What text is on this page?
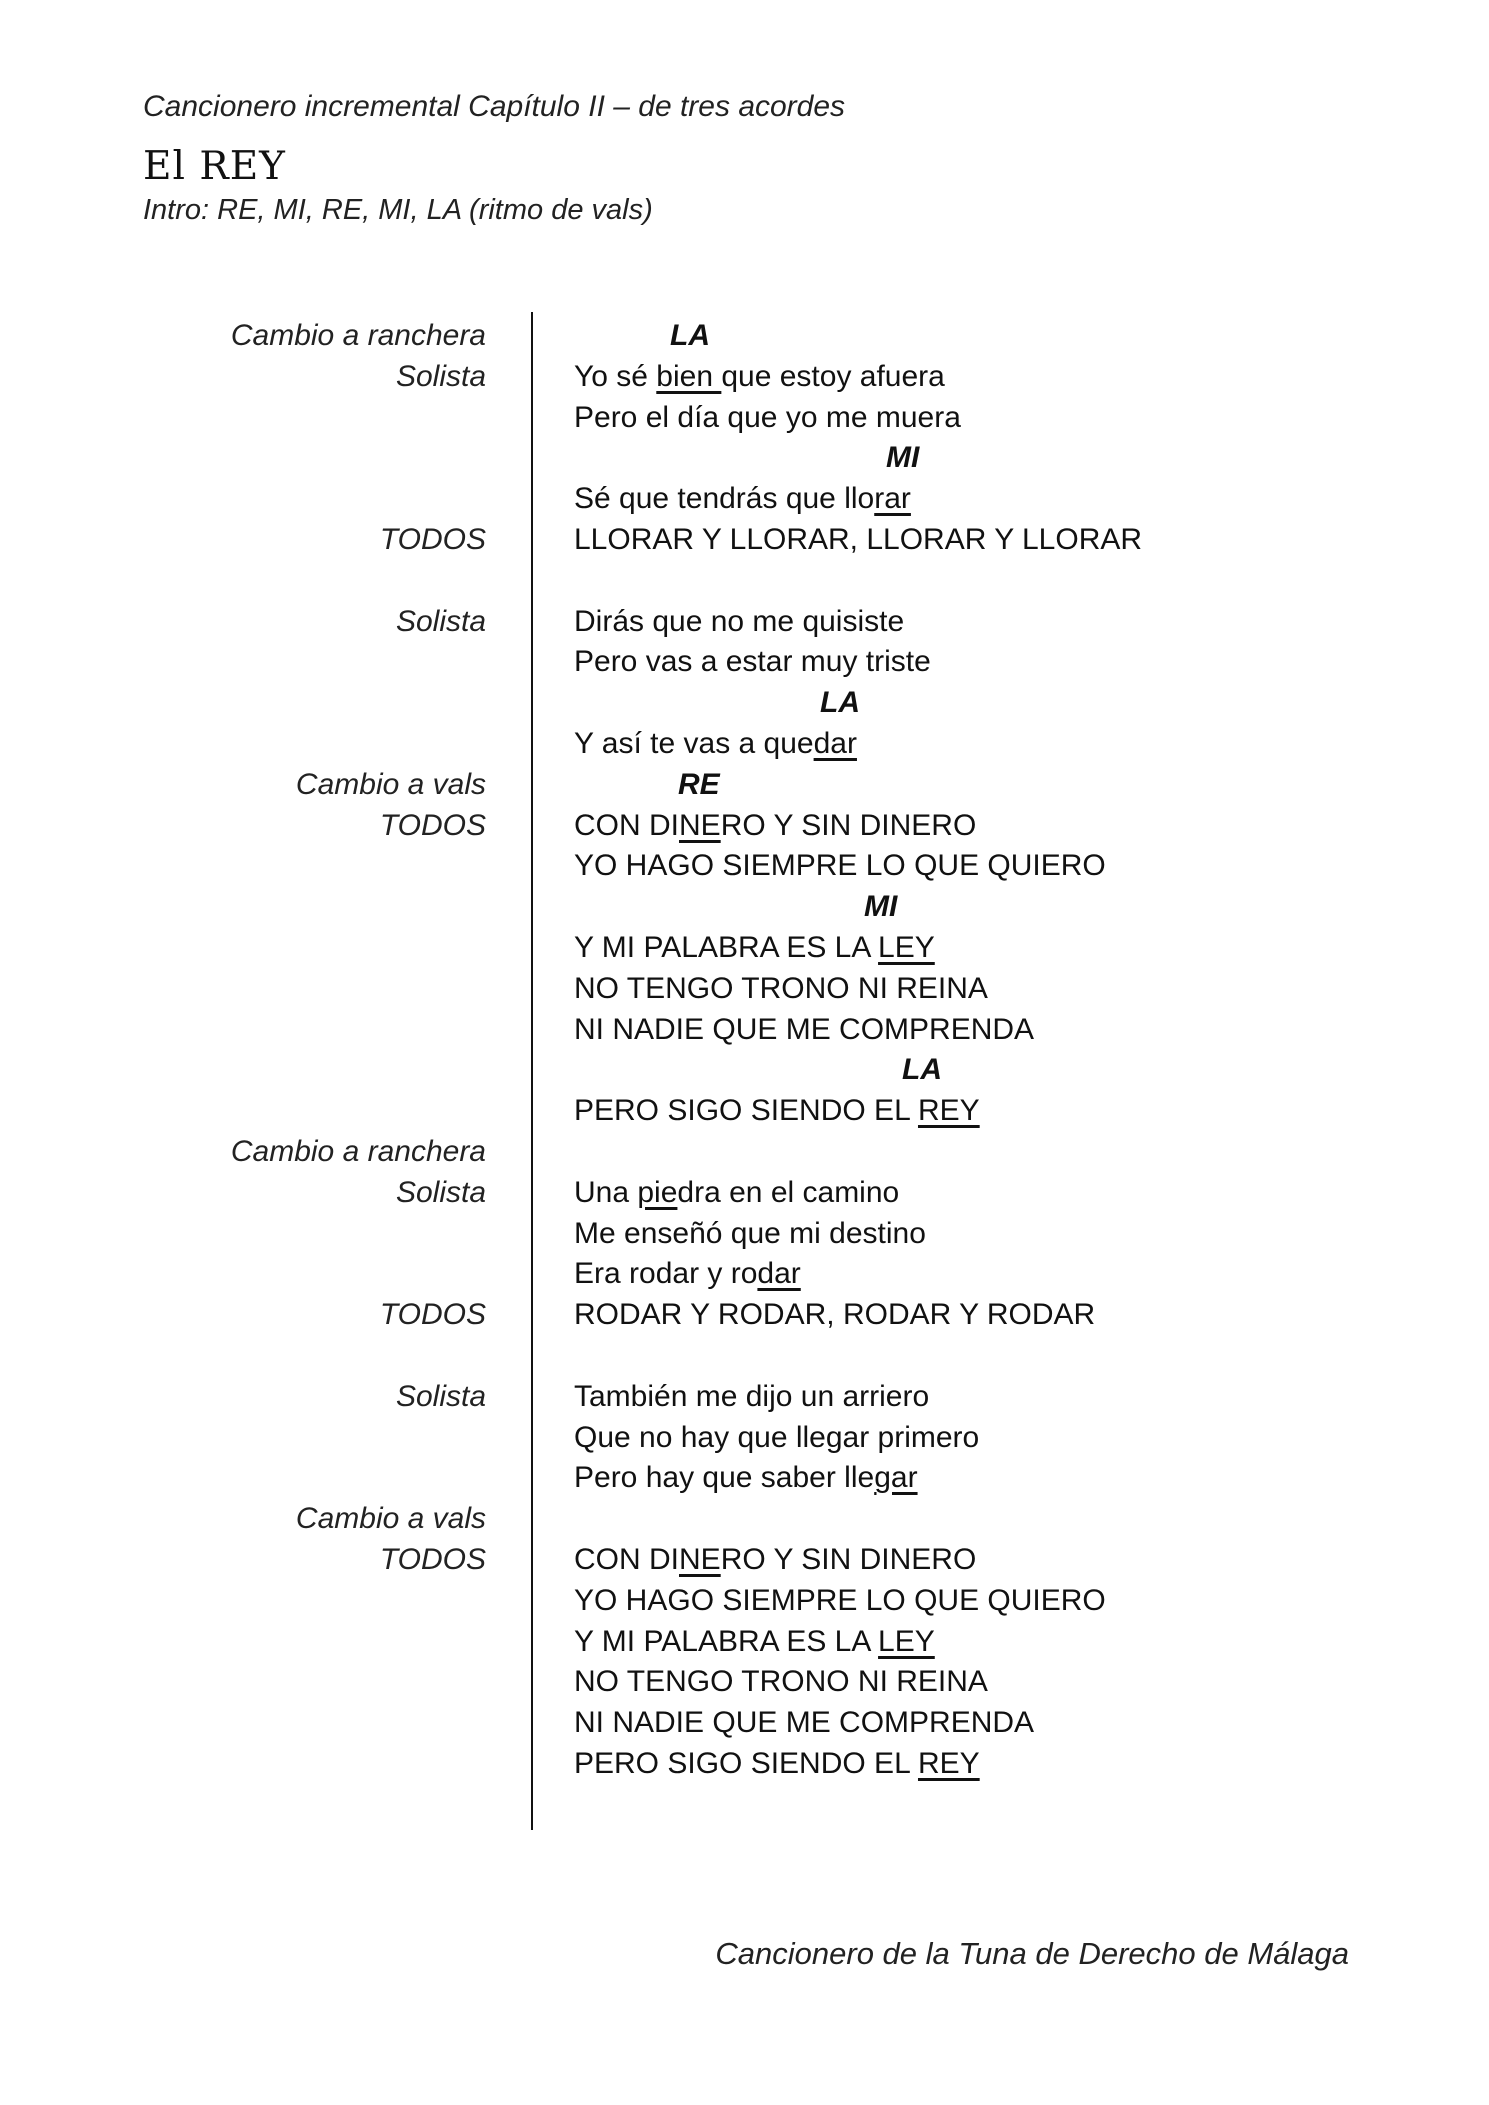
Cancionero incremental Capítulo II – de tres acordes
El REY
Intro: RE, MI, RE, MI, LA (ritmo de vals)
Cambio a ranchera	LA
Solista	Yo sé bien que estoy afuera
Pero el día que yo me muera
MI
Sé que tendrás que llorar
TODOS	LLORAR Y LLORAR, LLORAR Y LLORAR
Solista	Dirás que no me quisiste
Pero vas a estar muy triste
LA
Y así te vas a quedar
Cambio a vals	RE
TODOS	CON DINERO Y SIN DINERO
YO HAGO SIEMPRE LO QUE QUIERO
MI
Y MI PALABRA ES LA LEY
NO TENGO TRONO NI REINA
NI NADIE QUE ME COMPRENDA
LA
PERO SIGO SIENDO EL REY
Cambio a ranchera
Solista	Una piedra en el camino
Me enseñó que mi destino
Era rodar y rodar
TODOS	RODAR Y RODAR, RODAR Y RODAR
Solista	También me dijo un arriero
Que no hay que llegar primero
Pero hay que saber llegar
Cambio a vals
TODOS	CON DINERO Y SIN DINERO
YO HAGO SIEMPRE LO QUE QUIERO
Y MI PALABRA ES LA LEY
NO TENGO TRONO NI REINA
NI NADIE QUE ME COMPRENDA
PERO SIGO SIENDO EL REY
Cancionero de la Tuna de Derecho de Málaga
